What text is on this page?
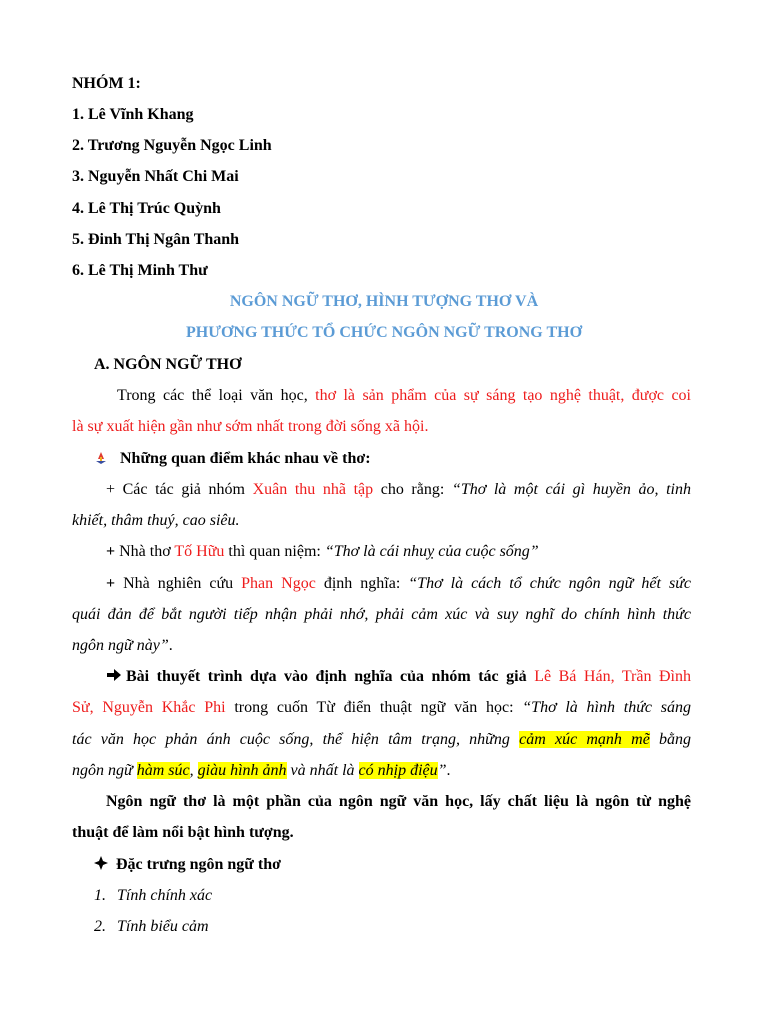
NHÓM 1:
1. Lê Vĩnh Khang
2. Trương Nguyễn Ngọc Linh
3. Nguyễn Nhất Chi Mai
4. Lê Thị Trúc Quỳnh
5. Đinh Thị Ngân Thanh
6. Lê Thị Minh Thư
NGÔN NGỮ THƠ, HÌNH TƯỢNG THƠ VÀ
PHƯƠNG THỨC TỔ CHỨC NGÔN NGỮ TRONG THƠ
A. NGÔN NGỮ THƠ
Trong các thể loại văn học, thơ là sản phẩm của sự sáng tạo nghệ thuật, được coi
là sự xuất hiện gần như sớm nhất trong đời sống xã hội.
Những quan điểm khác nhau về thơ:
+ Các tác giả nhóm Xuân thu nhã tập cho rằng: “Thơ là một cái gì huyền ảo, tinh
khiết, thâm thuý, cao siêu.
+ Nhà thơ Tố Hữu thì quan niệm: “Thơ là cái nhuỵ của cuộc sống”
+ Nhà nghiên cứu Phan Ngọc định nghĩa: “Thơ là cách tổ chức ngôn ngữ hết sức
quái đản để bắt người tiếp nhận phải nhớ, phải cảm xúc và suy nghĩ do chính hình thức
ngôn ngữ này”.
Bài thuyết trình dựa vào định nghĩa của nhóm tác giả Lê Bá Hán, Trần Đình
Sử, Nguyễn Khắc Phi trong cuốn Từ điển thuật ngữ văn học: “Thơ là hình thức sáng
tác văn học phản ánh cuộc sống, thể hiện tâm trạng, những cảm xúc mạnh mẽ bằng
ngôn ngữ hàm súc, giàu hình ảnh và nhất là có nhịp điệu”.
Ngôn ngữ thơ là một phần của ngôn ngữ văn học, lấy chất liệu là ngôn từ nghệ
thuật để làm nổi bật hình tượng.
Đặc trưng ngôn ngữ thơ
1. Tính chính xác
2. Tính biểu cảm
